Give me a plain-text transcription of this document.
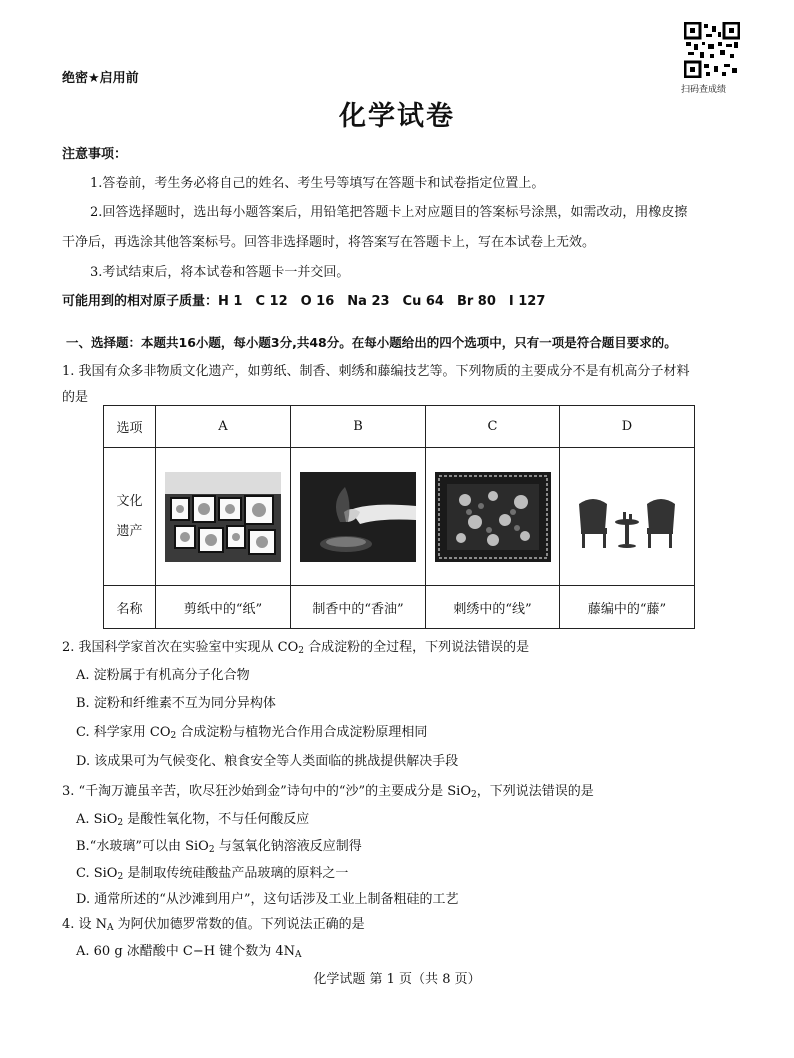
扫码查成绩
绝密★启用前
化学试卷
注意事项：
1.答卷前，考生务必将自己的姓名、考生号等填写在答题卡和试卷指定位置上。
2.回答选择题时，选出每小题答案后，用铅笔把答题卡上对应题目的答案标号涂黑，如需改动，用橡皮擦
干净后，再选涂其他答案标号。回答非选择题时，将答案写在答题卡上，写在本试卷上无效。
3.考试结束后，将本试卷和答题卡一并交回。
可能用到的相对原子质量：H 1　C 12　O 16　Na 23　Cu 64　Br 80　I 127
一、选择题：本题共16小题，每小题3分,共48分。在每小题给出的四个选项中，只有一项是符合题目要求的。
1. 我国有众多非物质文化遗产，如剪纸、制香、刺绣和藤编技艺等。下列物质的主要成分不是有机高分子材料
的是
选项	A	B	C	D

文化
遗产

名称	剪纸中的“纸”	制香中的“香油”	刺绣中的“线”	藤编中的“藤”
2. 我国科学家首次在实验室中实现从 $CO_2$ 合成淀粉的全过程，下列说法错误的是
A. 淀粉属于有机高分子化合物
B. 淀粉和纤维素不互为同分异构体
C. 科学家用 $CO_2$ 合成淀粉与植物光合作用合成淀粉原理相同
D. 该成果可为气候变化、粮食安全等人类面临的挑战提供解决手段
3. “千淘万漉虽辛苦，吹尽狂沙始到金”诗句中的“沙”的主要成分是 SiO$_2$，下列说法错误的是
A. SiO$_2$ 是酸性氧化物，不与任何酸反应
B.“水玻璃”可以由 SiO$_2$ 与氢氧化钠溶液反应制得
C. SiO$_2$ 是制取传统硅酸盐产品玻璃的原料之一
D. 通常所述的“从沙滩到用户”，这句话涉及工业上制备粗硅的工艺
4. 设 $N_A$ 为阿伏加德罗常数的值。下列说法正确的是
A. 60 g 冰醋酸中 C−H 键个数为 $4N_A$
化学试题 第 1 页（共 8 页）
